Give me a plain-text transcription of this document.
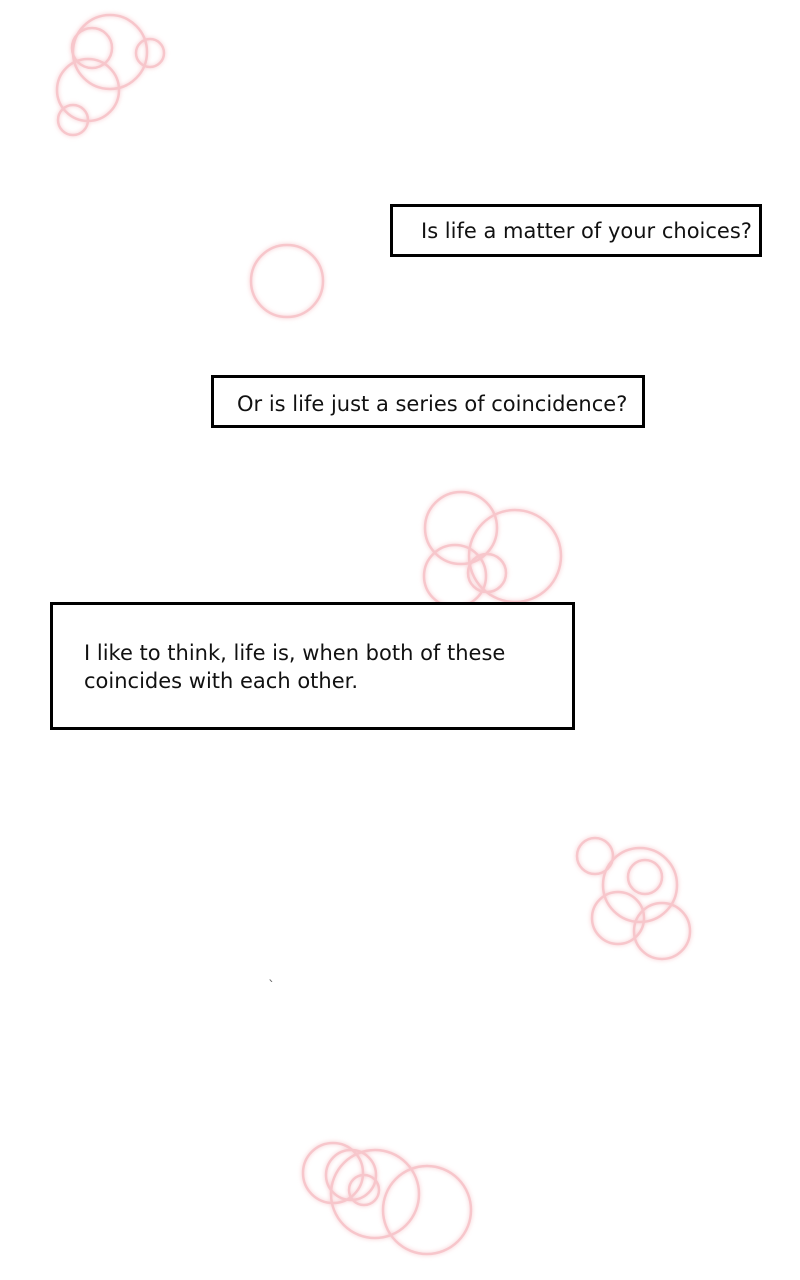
Is life a matter of your choices?
Or is life just a series of coincidence?
I like to think, life is, when both of these coincides with each other.
`
